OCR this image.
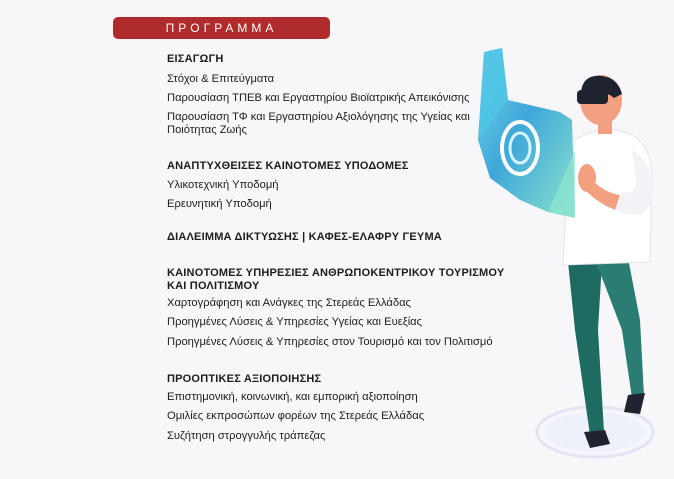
ΠΡΟΓΡΑΜΜΑ
ΕΙΣΑΓΩΓΗ
Στόχοι & Επιτεύγματα
Παρουσίαση ΤΠΕΒ και Εργαστηρίου Βιοϊατρικής Απεικόνισης
Παρουσίαση ΤΦ και Εργαστηρίου Αξιολόγησης της Υγείας και Ποιότητας Ζωής
ΑΝΑΠΤΥΧΘΕΙΣΕΣ ΚΑΙΝΟΤΟΜΕΣ ΥΠΟΔΟΜΕΣ
Υλικοτεχνική Υποδομή
Ερευνητική Υποδομή
ΔΙΑΛΕΙΜΜΑ ΔΙΚΤΥΩΣΗΣ | ΚΑΦΕΣ-ΕΛΑΦΡΥ ΓΕΥΜΑ
ΚΑΙΝΟΤΟΜΕΣ ΥΠΗΡΕΣΙΕΣ ΑΝΘΡΩΠΟΚΕΝΤΡΙΚΟΥ ΤΟΥΡΙΣΜΟΥ ΚΑΙ ΠΟΛΙΤΙΣΜΟΥ
Χαρτογράφηση και Ανάγκες της Στερεάς Ελλάδας
Προηγμένες Λύσεις & Υπηρεσίες Υγείας και Ευεξίας
Προηγμένες Λύσεις & Υπηρεσίες στον Τουρισμό και τον Πολιτισμό
ΠΡΟΟΠΤΙΚΕΣ ΑΞΙΟΠΟΙΗΣΗΣ
Επιστημονική, κοινωνική, και εμπορική αξιοποίηση
Ομιλίες εκπροσώπων φορέων της Στερεάς Ελλάδας
Συζήτηση στρογγυλής τράπεζας
